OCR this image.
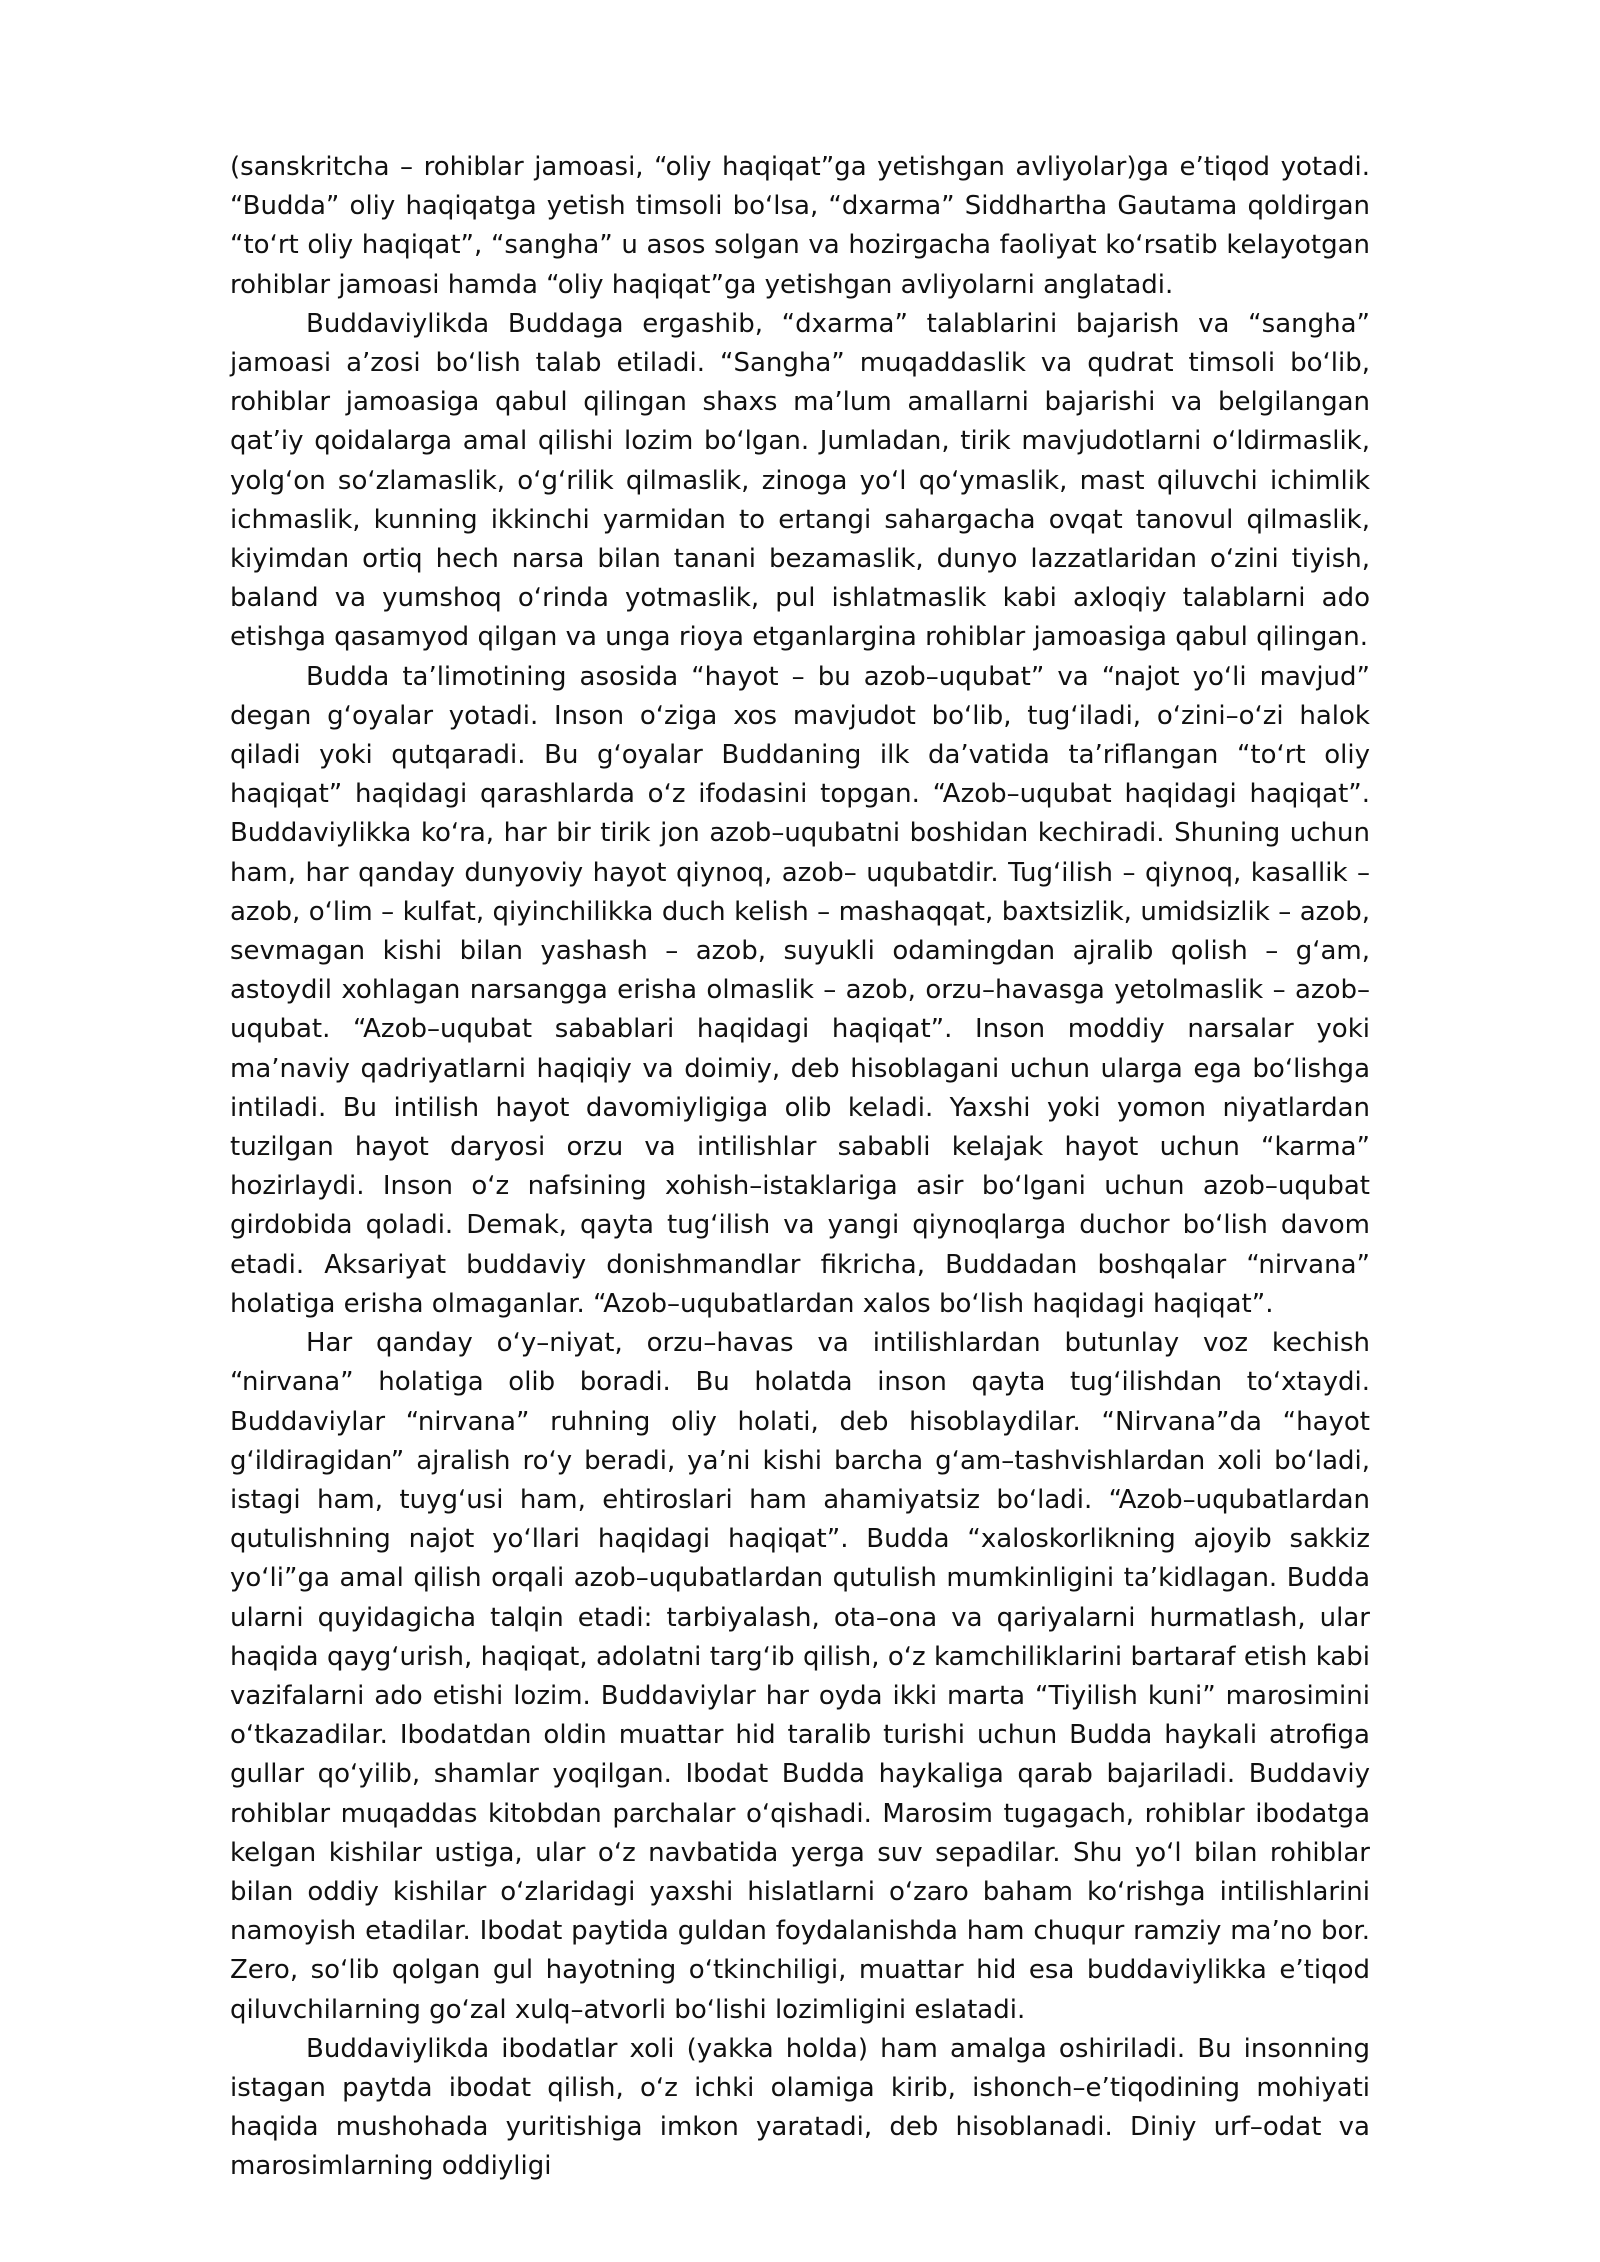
(sanskritcha – rohiblar jamoasi, “oliy haqiqat”ga yetishgan avliyolar)ga e’tiqod yotadi. “Budda” oliy haqiqatga yetish timsoli boʻlsa, “dxarma” Siddhartha Gautama qoldirgan “toʻrt oliy haqiqat”, “sangha” u asos solgan va hozirgacha faoliyat koʻrsatib kelayotgan rohiblar jamoasi hamda “oliy haqiqat”ga yetishgan avliyolarni anglatadi.

Buddaviylikda Buddaga ergashib, “dxarma” talablarini bajarish va “sangha” jamoasi a’zosi boʻlish talab etiladi. “Sangha” muqaddaslik va qudrat timsoli boʻlib, rohiblar jamoasiga qabul qilingan shaxs ma’lum amallarni bajarishi va belgilangan qat’iy qoidalarga amal qilishi lozim boʻlgan. Jumladan, tirik mavjudotlarni oʻldirmaslik, yolgʻon soʻzlamaslik, oʻgʻrilik qilmaslik, zinoga yoʻl qoʻymaslik, mast qiluvchi ichimlik ichmaslik, kunning ikkinchi yarmidan to ertangi sahargacha ovqat tanovul qilmaslik, kiyimdan ortiq hech narsa bilan tanani bezamaslik, dunyo lazzatlaridan oʻzini tiyish, baland va yumshoq oʻrinda yotmaslik, pul ishlatmaslik kabi axloqiy talablarni ado etishga qasamyod qilgan va unga rioya etganlargina rohiblar jamoasiga qabul qilingan.

Budda ta’limotining asosida “hayot – bu azob–uqubat” va “najot yoʻli mavjud” degan gʻoyalar yotadi. Inson oʻziga xos mavjudot boʻlib, tugʻiladi, oʻzini–oʻzi halok qiladi yoki qutqaradi. Bu gʻoyalar Buddaning ilk da’vatida ta’riflangan “toʻrt oliy haqiqat” haqidagi qarashlarda oʻz ifodasini topgan. “Azob–uqubat haqidagi haqiqat”. Buddaviylikka koʻra, har bir tirik jon azob–uqubatni boshidan kechiradi. Shuning uchun ham, har qanday dunyoviy hayot qiynoq, azob– uqubatdir. Tugʻilish – qiynoq, kasallik – azob, oʻlim – kulfat, qiyinchilikka duch kelish – mashaqqat, baxtsizlik, umidsizlik – azob, sevmagan kishi bilan yashash – azob, suyukli odamingdan ajralib qolish – gʻam, astoydil xohlagan narsangga erisha olmaslik – azob, orzu–havasga yetolmaslik – azob–uqubat. “Azob–uqubat sabablari haqidagi haqiqat”. Inson moddiy narsalar yoki ma’naviy qadriyatlarni haqiqiy va doimiy, deb hisoblagani uchun ularga ega boʻlishga intiladi. Bu intilish hayot davomiyligiga olib keladi. Yaxshi yoki yomon niyatlardan tuzilgan hayot daryosi orzu va intilishlar sababli kelajak hayot uchun “karma” hozirlaydi. Inson oʻz nafsining xohish–istaklariga asir boʻlgani uchun azob–uqubat girdobida qoladi. Demak, qayta tugʻilish va yangi qiynoqlarga duchor boʻlish davom etadi. Aksariyat buddaviy donishmandlar fikricha, Buddadan boshqalar “nirvana” holatiga erisha olmaganlar. “Azob–uqubatlardan xalos boʻlish haqidagi haqiqat”.

Har qanday oʻy–niyat, orzu–havas va intilishlardan butunlay voz kechish “nirvana” holatiga olib boradi. Bu holatda inson qayta tugʻilishdan toʻxtaydi. Buddaviylar “nirvana” ruhning oliy holati, deb hisoblaydilar. “Nirvana”da “hayot gʻildiragidan” ajralish roʻy beradi, ya’ni kishi barcha gʻam–tashvishlardan xoli boʻladi, istagi ham, tuygʻusi ham, ehtiroslari ham ahamiyatsiz boʻladi. “Azob–uqubatlardan qutulishning najot yoʻllari haqidagi haqiqat”. Budda “xaloskorlikning ajoyib sakkiz yoʻli”ga amal qilish orqali azob–uqubatlardan qutulish mumkinligini ta’kidlagan. Budda ularni quyidagicha talqin etadi: tarbiyalash, ota–ona va qariyalarni hurmatlash, ular haqida qaygʻurish, haqiqat, adolatni targʻib qilish, oʻz kamchiliklarini bartaraf etish kabi vazifalarni ado etishi lozim. Buddaviylar har oyda ikki marta “Tiyilish kuni” marosimini oʻtkazadilar. Ibodatdan oldin muattar hid taralib turishi uchun Budda haykali atrofiga gullar qoʻyilib, shamlar yoqilgan. Ibodat Budda haykaliga qarab bajariladi. Buddaviy rohiblar muqaddas kitobdan parchalar oʻqishadi. Marosim tugagach, rohiblar ibodatga kelgan kishilar ustiga, ular oʻz navbatida yerga suv sepadilar. Shu yoʻl bilan rohiblar bilan oddiy kishilar oʻzlaridagi yaxshi hislatlarni oʻzaro baham koʻrishga intilishlarini namoyish etadilar. Ibodat paytida guldan foydalanishda ham chuqur ramziy ma’no bor. Zero, soʻlib qolgan gul hayotning oʻtkinchiligi, muattar hid esa buddaviylikka e’tiqod qiluvchilarning goʻzal xulq–atvorli boʻlishi lozimligini eslatadi.

Buddaviylikda ibodatlar xoli (yakka holda) ham amalga oshiriladi. Bu insonning istagan paytda ibodat qilish, oʻz ichki olamiga kirib, ishonch–e’tiqodining mohiyati haqida mushohada yuritishiga imkon yaratadi, deb hisoblanadi. Diniy urf–odat va marosimlarning oddiyligi
